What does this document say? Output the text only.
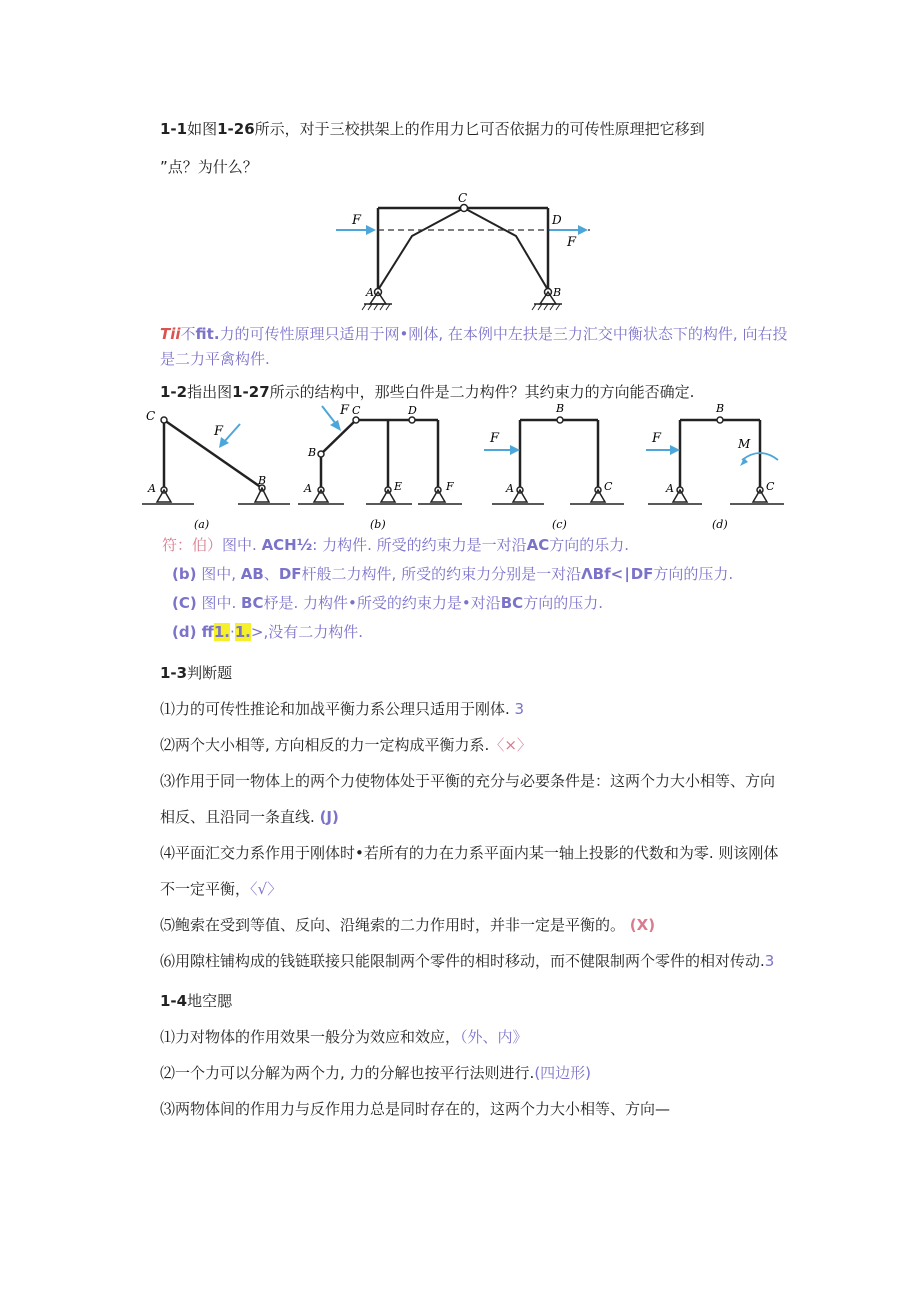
1-1如图1-26所示，对于三校拱架上的作用力匕可否依据力的可传性原理把它移到
”点？为什么？
F
F
C
D
A	B
Tii不fit.力的可传性原理只适用于网•刚体, 在本例中左扶是三力汇交中衡状态下的构件, 向右投
是二力平禽构件.
1-2指出图1-27所示的结构中，那些白件是二力构件？其约束力的方向能否确定.
C
F
A
B
(a)
F
B
C	D
A	E	F
(b)
F
B
A	C
(c)
F	M
B
A	C
(d)
符：伯）图中. ACH½: 力构件. 所受的约束力是一对沿AC方向的乐力.
(b) 图中, AB、DF杆般二力构件, 所受的约束力分别是一对沿ΛBf<∣DF方向的压力.
(C) 图中. BC杼是. 力构件•所受的约束力是•对沿BC方向的压力.
(d) ff1.·1.>,没有二力构件.
1-3判断题
⑴力的可传性推论和加战平衡力系公理只适用于刚体. 3
⑵两个大小相等, 方向相反的力一定构成平衡力系.〈×〉
⑶作用于同一物体上的两个力使物体处于平衡的充分与必要条件是：这两个力大小相等、方向
相反、且沿同一条直线. (J)
⑷平面汇交力系作用于刚体时•若所有的力在力系平面内某一轴上投影的代数和为零. 则该刚体
不一定平衡，〈√〉
⑸鲍索在受到等值、反向、沿绳索的二力作用时，并非一定是平衡的。 (X)
⑹用隙柱铺构成的钱链联接只能限制两个零件的相时移动，而不健限制两个零件的相对传动.3
1-4地空腮
⑴力对物体的作用效果一般分为效应和效应，（外、内》
⑵一个力可以分解为两个力, 力的分解也按平行法则进行.(四边形)
⑶两物体间的作用力与反作用力总是同时存在的，这两个力大小相等、方向—
